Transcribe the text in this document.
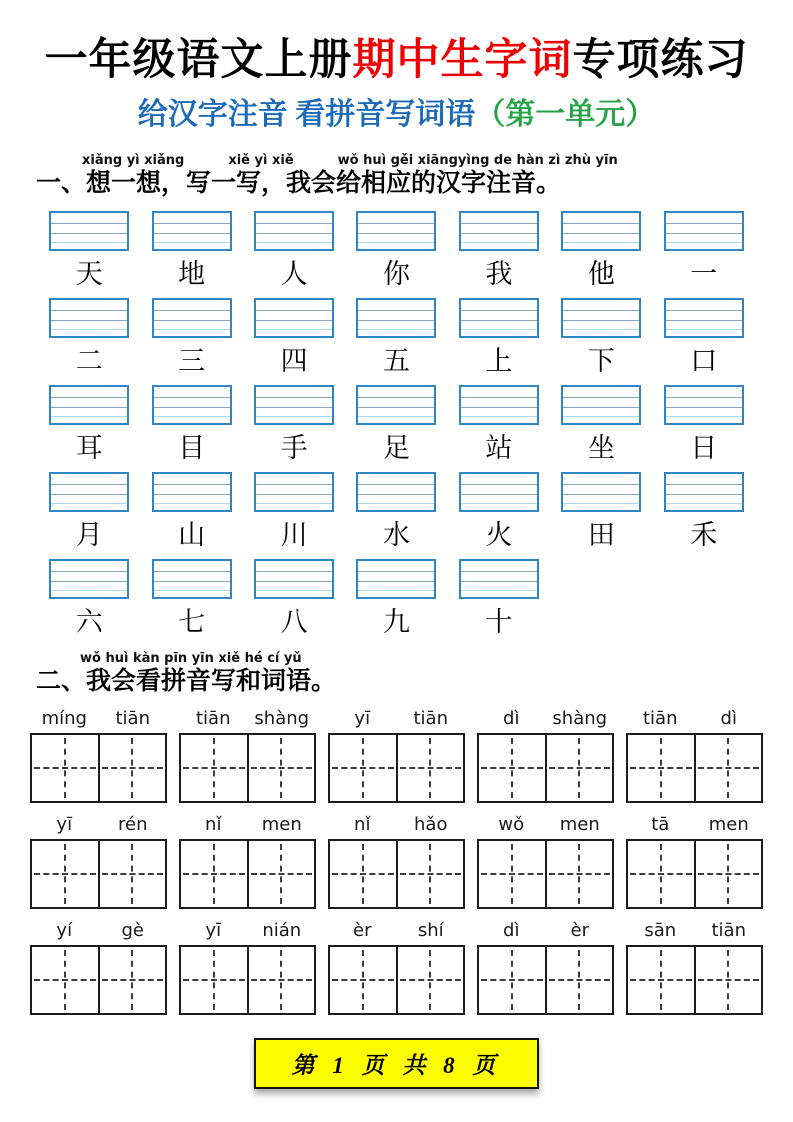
一年级语文上册期中生字词专项练习
给汉字注音 看拼音写词语（第一单元）
xiǎng yì xiǎng	xiě yì xiě	wǒ huì gěi xiāngyìng de hàn zì zhù yīn
一、想一想，写一写，我会给相应的汉字注音。
天	地	人	你	我	他	一
二	三	四	五	上	下	口
耳	目	手	足	站	坐	日
月	山	川	水	火	田	禾
六	七	八	九	十
wǒ huì kàn pīn yīn xiě hé cí yǔ
二、我会看拼音写和词语。
míng	tiān	tiān	shàng	yī	tiān	dì	shàng	tiān	dì
yī	rén	nǐ	men	nǐ	hǎo	wǒ	men	tā	men
yí	gè	yī	nián	èr	shí	dì	èr	sān	tiān
第 1 页 共 8 页
